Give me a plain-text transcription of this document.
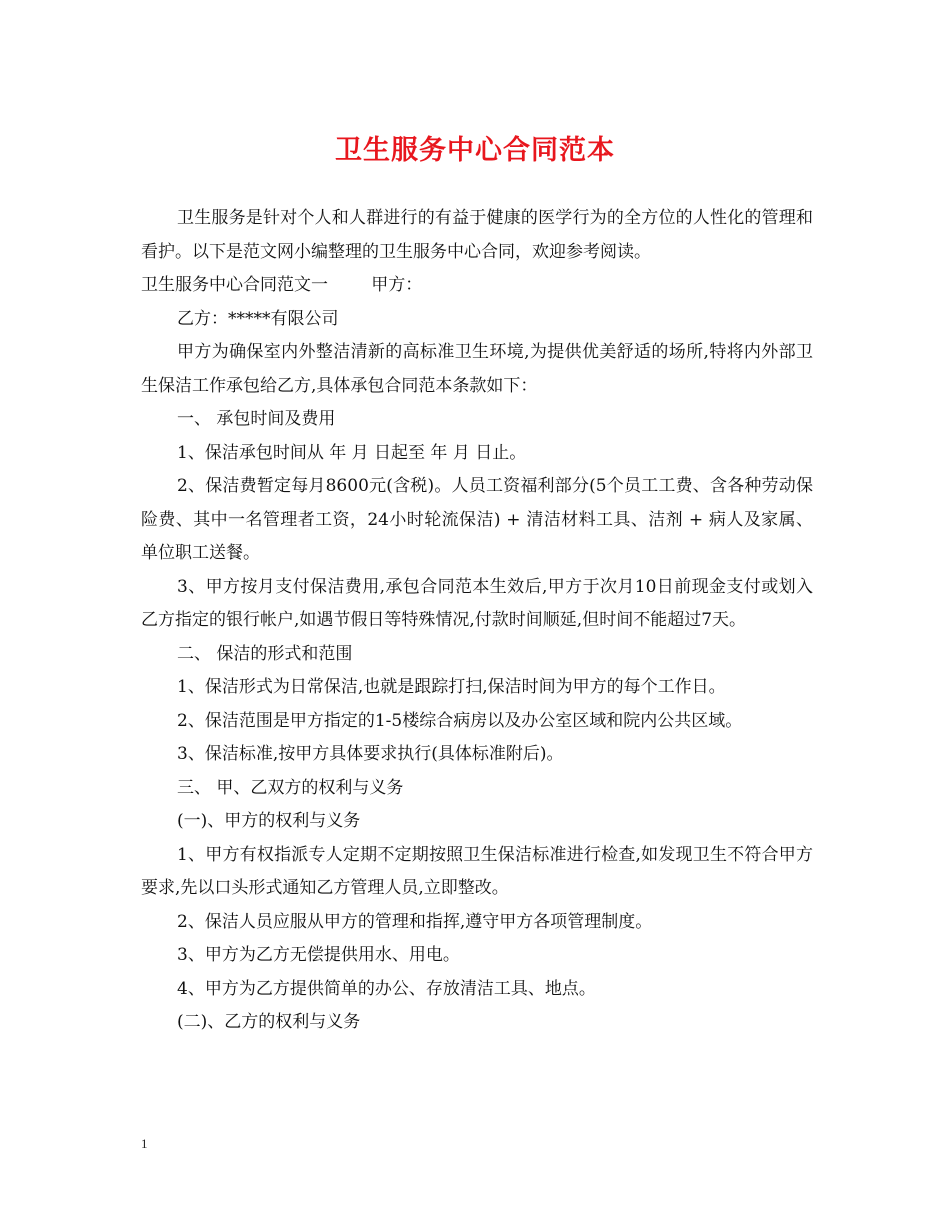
卫生服务中心合同范本

卫生服务是针对个人和人群进行的有益于健康的医学行为的全方位的人性化的管理和看护。以下是范文网小编整理的卫生服务中心合同，欢迎参考阅读。

卫生服务中心合同范文一        甲方：

乙方：*****有限公司

甲方为确保室内外整洁清新的高标准卫生环境,为提供优美舒适的场所,特将内外部卫生保洁工作承包给乙方,具体承包合同范本条款如下：

一、 承包时间及费用

1、保洁承包时间从 年 月 日起至 年 月 日止。

2、保洁费暂定每月8600元(含税)。人员工资福利部分(5个员工工费、含各种劳动保险费、其中一名管理者工资，24小时轮流保洁) + 清洁材料工具、洁剂 + 病人及家属、单位职工送餐。

3、甲方按月支付保洁费用,承包合同范本生效后,甲方于次月10日前现金支付或划入乙方指定的银行帐户,如遇节假日等特殊情况,付款时间顺延,但时间不能超过7天。

二、 保洁的形式和范围

1、保洁形式为日常保洁,也就是跟踪打扫,保洁时间为甲方的每个工作日。

2、保洁范围是甲方指定的1-5楼综合病房以及办公室区域和院内公共区域。

3、保洁标准,按甲方具体要求执行(具体标准附后)。

三、 甲、乙双方的权利与义务

(一)、甲方的权利与义务

1、甲方有权指派专人定期不定期按照卫生保洁标准进行检查,如发现卫生不符合甲方要求,先以口头形式通知乙方管理人员,立即整改。

2、保洁人员应服从甲方的管理和指挥,遵守甲方各项管理制度。

3、甲方为乙方无偿提供用水、用电。

4、甲方为乙方提供简单的办公、存放清洁工具、地点。

(二)、乙方的权利与义务

1
